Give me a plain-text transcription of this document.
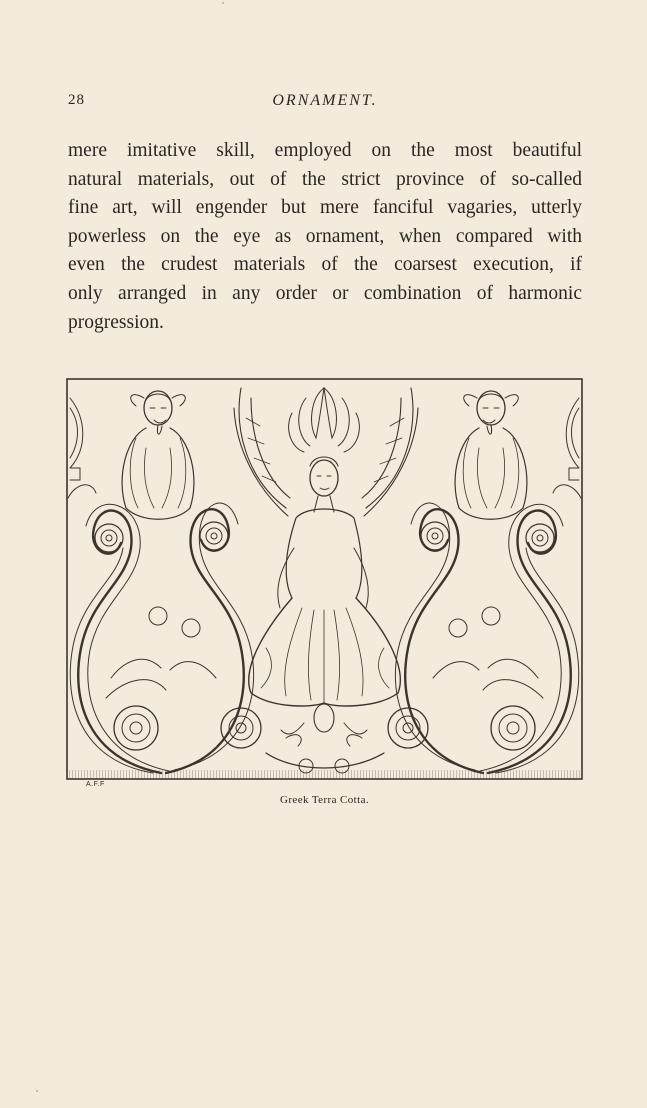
28	ORNAMENT.
mere imitative skill, employed on the most beautiful
natural materials, out of the strict province of so-called
fine art, will engender but mere fanciful vagaries, utterly
powerless on the eye as ornament, when compared with
even the crudest materials of the coarsest execution, if
only arranged in any order or combination of harmonic
progression.
A.F.F
Greek Terra Cotta.
